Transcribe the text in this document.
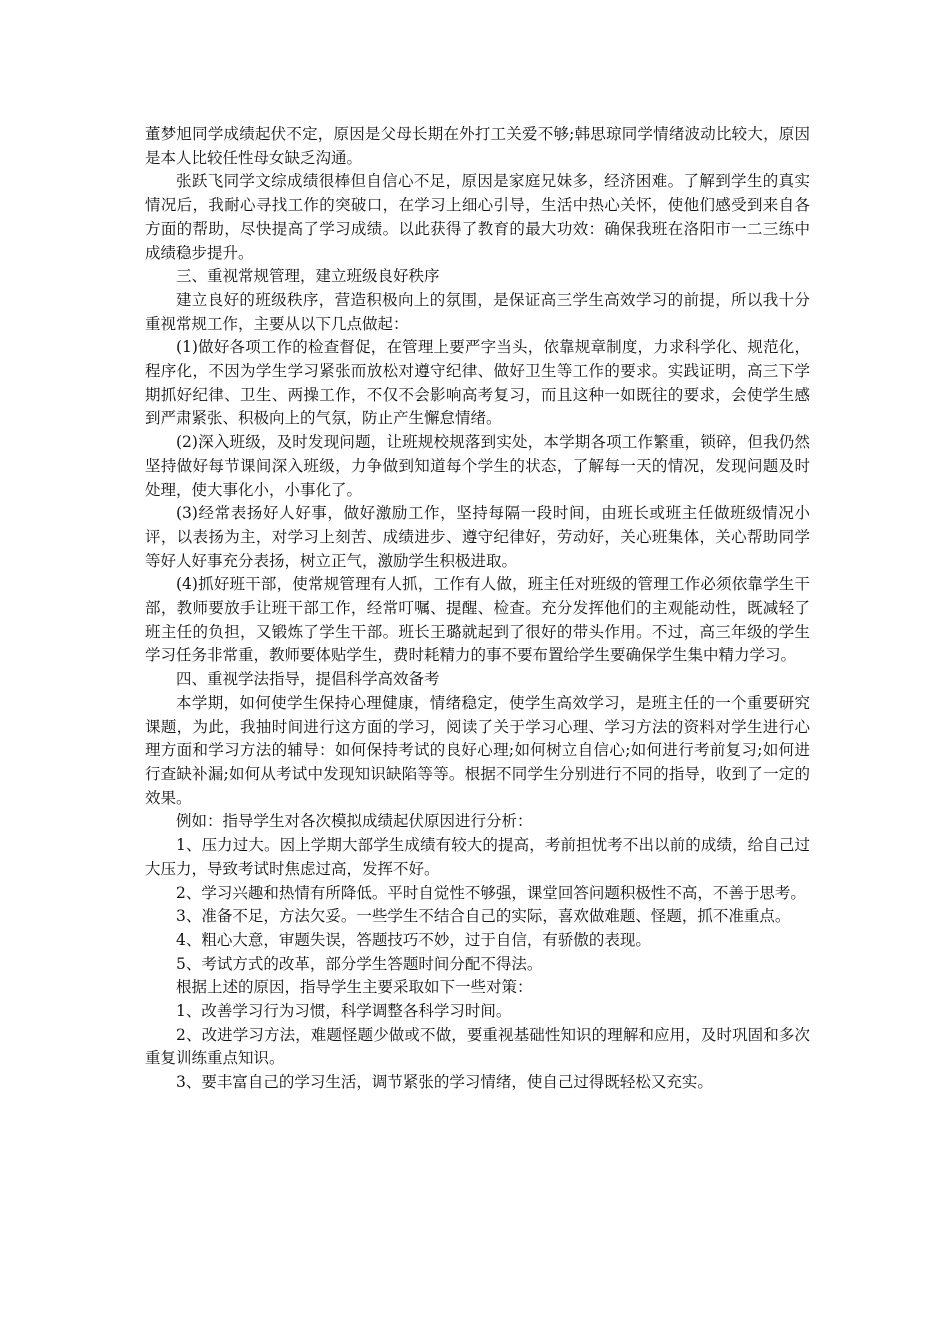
董梦旭同学成绩起伏不定，原因是父母长期在外打工关爱不够;韩思琼同学情绪波动比较大，原因是本人比较任性母女缺乏沟通。

张跃飞同学文综成绩很棒但自信心不足，原因是家庭兄妹多，经济困难。了解到学生的真实情况后，我耐心寻找工作的突破口，在学习上细心引导，生活中热心关怀，使他们感受到来自各方面的帮助，尽快提高了学习成绩。以此获得了教育的最大功效：确保我班在洛阳市一二三练中成绩稳步提升。

三、重视常规管理，建立班级良好秩序

建立良好的班级秩序，营造积极向上的氛围，是保证高三学生高效学习的前提，所以我十分重视常规工作，主要从以下几点做起：

(1)做好各项工作的检查督促，在管理上要严字当头，依靠规章制度，力求科学化、规范化，程序化，不因为学生学习紧张而放松对遵守纪律、做好卫生等工作的要求。实践证明，高三下学期抓好纪律、卫生、两操工作，不仅不会影响高考复习，而且这种一如既往的要求，会使学生感到严肃紧张、积极向上的气氛，防止产生懈怠情绪。

(2)深入班级，及时发现问题，让班规校规落到实处，本学期各项工作繁重，锁碎，但我仍然坚持做好每节课间深入班级，力争做到知道每个学生的状态，了解每一天的情况，发现问题及时处理，使大事化小，小事化了。

(3)经常表扬好人好事，做好激励工作，坚持每隔一段时间，由班长或班主任做班级情况小评，以表扬为主，对学习上刻苦、成绩进步、遵守纪律好，劳动好，关心班集体，关心帮助同学等好人好事充分表扬，树立正气，激励学生积极进取。

(4)抓好班干部，使常规管理有人抓，工作有人做，班主任对班级的管理工作必须依靠学生干部，教师要放手让班干部工作，经常叮嘱、提醒、检查。充分发挥他们的主观能动性，既减轻了班主任的负担，又锻炼了学生干部。班长王璐就起到了很好的带头作用。不过，高三年级的学生学习任务非常重，教师要体贴学生，费时耗精力的事不要布置给学生要确保学生集中精力学习。

四、重视学法指导，提倡科学高效备考

本学期，如何使学生保持心理健康，情绪稳定，使学生高效学习，是班主任的一个重要研究课题，为此，我抽时间进行这方面的学习，阅读了关于学习心理、学习方法的资料对学生进行心理方面和学习方法的辅导：如何保持考试的良好心理;如何树立自信心;如何进行考前复习;如何进行查缺补漏;如何从考试中发现知识缺陷等等。根据不同学生分别进行不同的指导，收到了一定的效果。

例如：指导学生对各次模拟成绩起伏原因进行分析：

1、压力过大。因上学期大部学生成绩有较大的提高，考前担忧考不出以前的成绩，给自己过大压力，导致考试时焦虑过高，发挥不好。

2、学习兴趣和热情有所降低。平时自觉性不够强，课堂回答问题积极性不高，不善于思考。

3、准备不足，方法欠妥。一些学生不结合自己的实际，喜欢做难题、怪题，抓不准重点。

4、粗心大意，审题失误，答题技巧不妙，过于自信，有骄傲的表现。

5、考试方式的改革，部分学生答题时间分配不得法。

根据上述的原因，指导学生主要采取如下一些对策：

1、改善学习行为习惯，科学调整各科学习时间。

2、改进学习方法，难题怪题少做或不做，要重视基础性知识的理解和应用，及时巩固和多次重复训练重点知识。

3、要丰富自己的学习生活，调节紧张的学习情绪，使自己过得既轻松又充实。
